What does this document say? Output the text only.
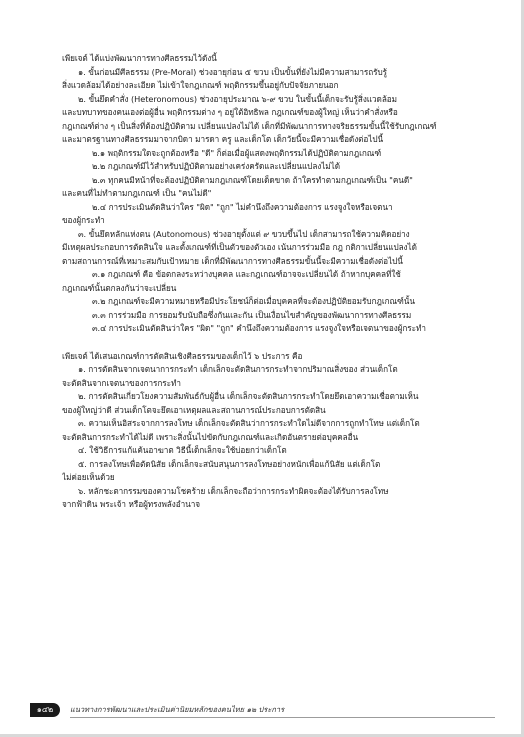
เพียเจต์ ได้แบ่งพัฒนาการทางศีลธรรมไว้ดังนี้
๑. ขั้นก่อนมีศีลธรรม (Pre-Moral) ช่วงอายุก่อน ๕ ขวบ เป็นขั้นที่ยังไม่มีความสามารถรับรู้
สิ่งแวดล้อมได้อย่างละเอียด ไม่เข้าใจกฎเกณฑ์ พฤติกรรมขึ้นอยู่กับปัจจัยภายนอก
๒. ขั้นยึดคำสั่ง (Heteronomous) ช่วงอายุประมาณ ๖-๙ ขวบ ในขั้นนี้เด็กจะรับรู้สิ่งแวดล้อม
และบทบาทของคนเองต่อผู้อื่น พฤติกรรมต่าง ๆ อยู่ใต้อิทธิพล กฎเกณฑ์ของผู้ใหญ่ เห็นว่าคำสั่งหรือ
กฎเกณฑ์ต่าง ๆ เป็นสิ่งที่ต้องปฏิบัติตาม เปลี่ยนแปลงไม่ได้ เด็กที่มีพัฒนาการทางจริยธรรมขั้นนี้ใช้รับกฎเกณฑ์
และมาตรฐานทางศีลธรรมมาจากบิดา มารดา ครู และเด็กโต เด็กวัยนี้จะมีความเชื่อดังต่อไปนี้
๒.๑ พฤติกรรมใดจะถูกต้องหรือ "ดี" ก็ต่อเมื่อผู้แสดงพฤติกรรมได้ปฏิบัติตามกฎเกณฑ์
๒.๒ กฎเกณฑ์มีไว้สำหรับปฏิบัติตามอย่างเคร่งครัดและเปลี่ยนแปลงไม่ได้
๒.๓ ทุกคนมีหน้าที่จะต้องปฏิบัติตามกฎเกณฑ์โดยเด็ดขาด ถ้าใครทำตามกฎเกณฑ์เป็น "คนดี"
และคนที่ไม่ทำตามกฎเกณฑ์ เป็น "คนไม่ดี"
๒.๔ การประเมินตัดสินว่าใคร "ผิด" "ถูก" ไม่คำนึงถึงความต้องการ แรงจูงใจหรือเจตนา
ของผู้กระทำ
๓. ขั้นยึดหลักแห่งตน (Autonomous) ช่วงอายุตั้งแต่ ๙ ขวบขึ้นไป เด็กสามารถใช้ความคิดอย่าง
มีเหตุผลประกอบการตัดสินใจ และตั้งเกณฑ์ที่เป็นตัวของตัวเอง เน้นการร่วมมือ กฎ กติกาเปลี่ยนแปลงได้
ตามสถานการณ์ที่เหมาะสมกับเป้าหมาย เด็กที่มีพัฒนาการทางศีลธรรมขั้นนี้จะมีความเชื่อดังต่อไปนี้
๓.๑ กฎเกณฑ์ คือ ข้อตกลงระหว่างบุคคล และกฎเกณฑ์อาจจะเปลี่ยนได้ ถ้าหากบุคคลที่ใช้
กฎเกณฑ์นั้นตกลงกันว่าจะเปลี่ยน
๓.๒ กฎเกณฑ์จะมีความหมายหรือมีประโยชน์ก็ต่อเมื่อบุคคลที่จะต้องปฏิบัติยอมรับกฎเกณฑ์นั้น
๓.๓ การร่วมมือ การยอมรับนับถือซึ่งกันและกัน เป็นเงื่อนไขสำคัญของพัฒนาการทางศีลธรรม
๓.๔ การประเมินตัดสินว่าใคร "ผิด" "ถูก" คำนึงถึงความต้องการ แรงจูงใจหรือเจตนาของผู้กระทำ
เพียเจต์ ได้เสนอเกณฑ์การตัดสินเชิงศีลธรรมของเด็กไว้ ๖ ประการ คือ
๑. การตัดสินจากเจตนาการกระทำ เด็กเล็กจะตัดสินการกระทำจากปริมาณสิ่งของ ส่วนเด็กโต
จะตัดสินจากเจตนาของการกระทำ
๒. การตัดสินเกี่ยวโยงความสัมพันธ์กับผู้อื่น เด็กเล็กจะตัดสินการกระทำโดยยึดเอาความเชื่อตามเห็น
ของผู้ใหญ่ว่าดี ส่วนเด็กโตจะยึดเอาเหตุผลและสถานการณ์ประกอบการตัดสิน
๓. ความเห็นอิสระจากการลงโทษ เด็กเล็กจะตัดสินว่าการกระทำใดไม่ดีจากการถูกทำโทษ แต่เด็กโต
จะตัดสินการกระทำได้ไม่ดี เพราะสิ่งนั้นไปขัดกับกฎเกณฑ์และเกิดอันตรายต่อบุคคลอื่น
๔. ใช้วิธีการแก้แค้นอาฆาต วิธีนี้เด็กเล็กจะใช้บ่อยกว่าเด็กโต
๕. การลงโทษเพื่อตัดนิสัย เด็กเล็กจะสนับสนุนการลงโทษอย่างหนักเพื่อแก้นิสัย แต่เด็กโต
ไม่ค่อยเห็นด้วย
๖. หลักชะตากรรมของความโชคร้าย เด็กเล็กจะถือว่าการกระทำผิดจะต้องได้รับการลงโทษ
จากฟ้าดิน พระเจ้า หรือผู้ทรงพลังอำนาจ
๑๔๒	แนวทางการพัฒนาและประเมินค่านิยมหลักของคนไทย ๑๒ ประการ
